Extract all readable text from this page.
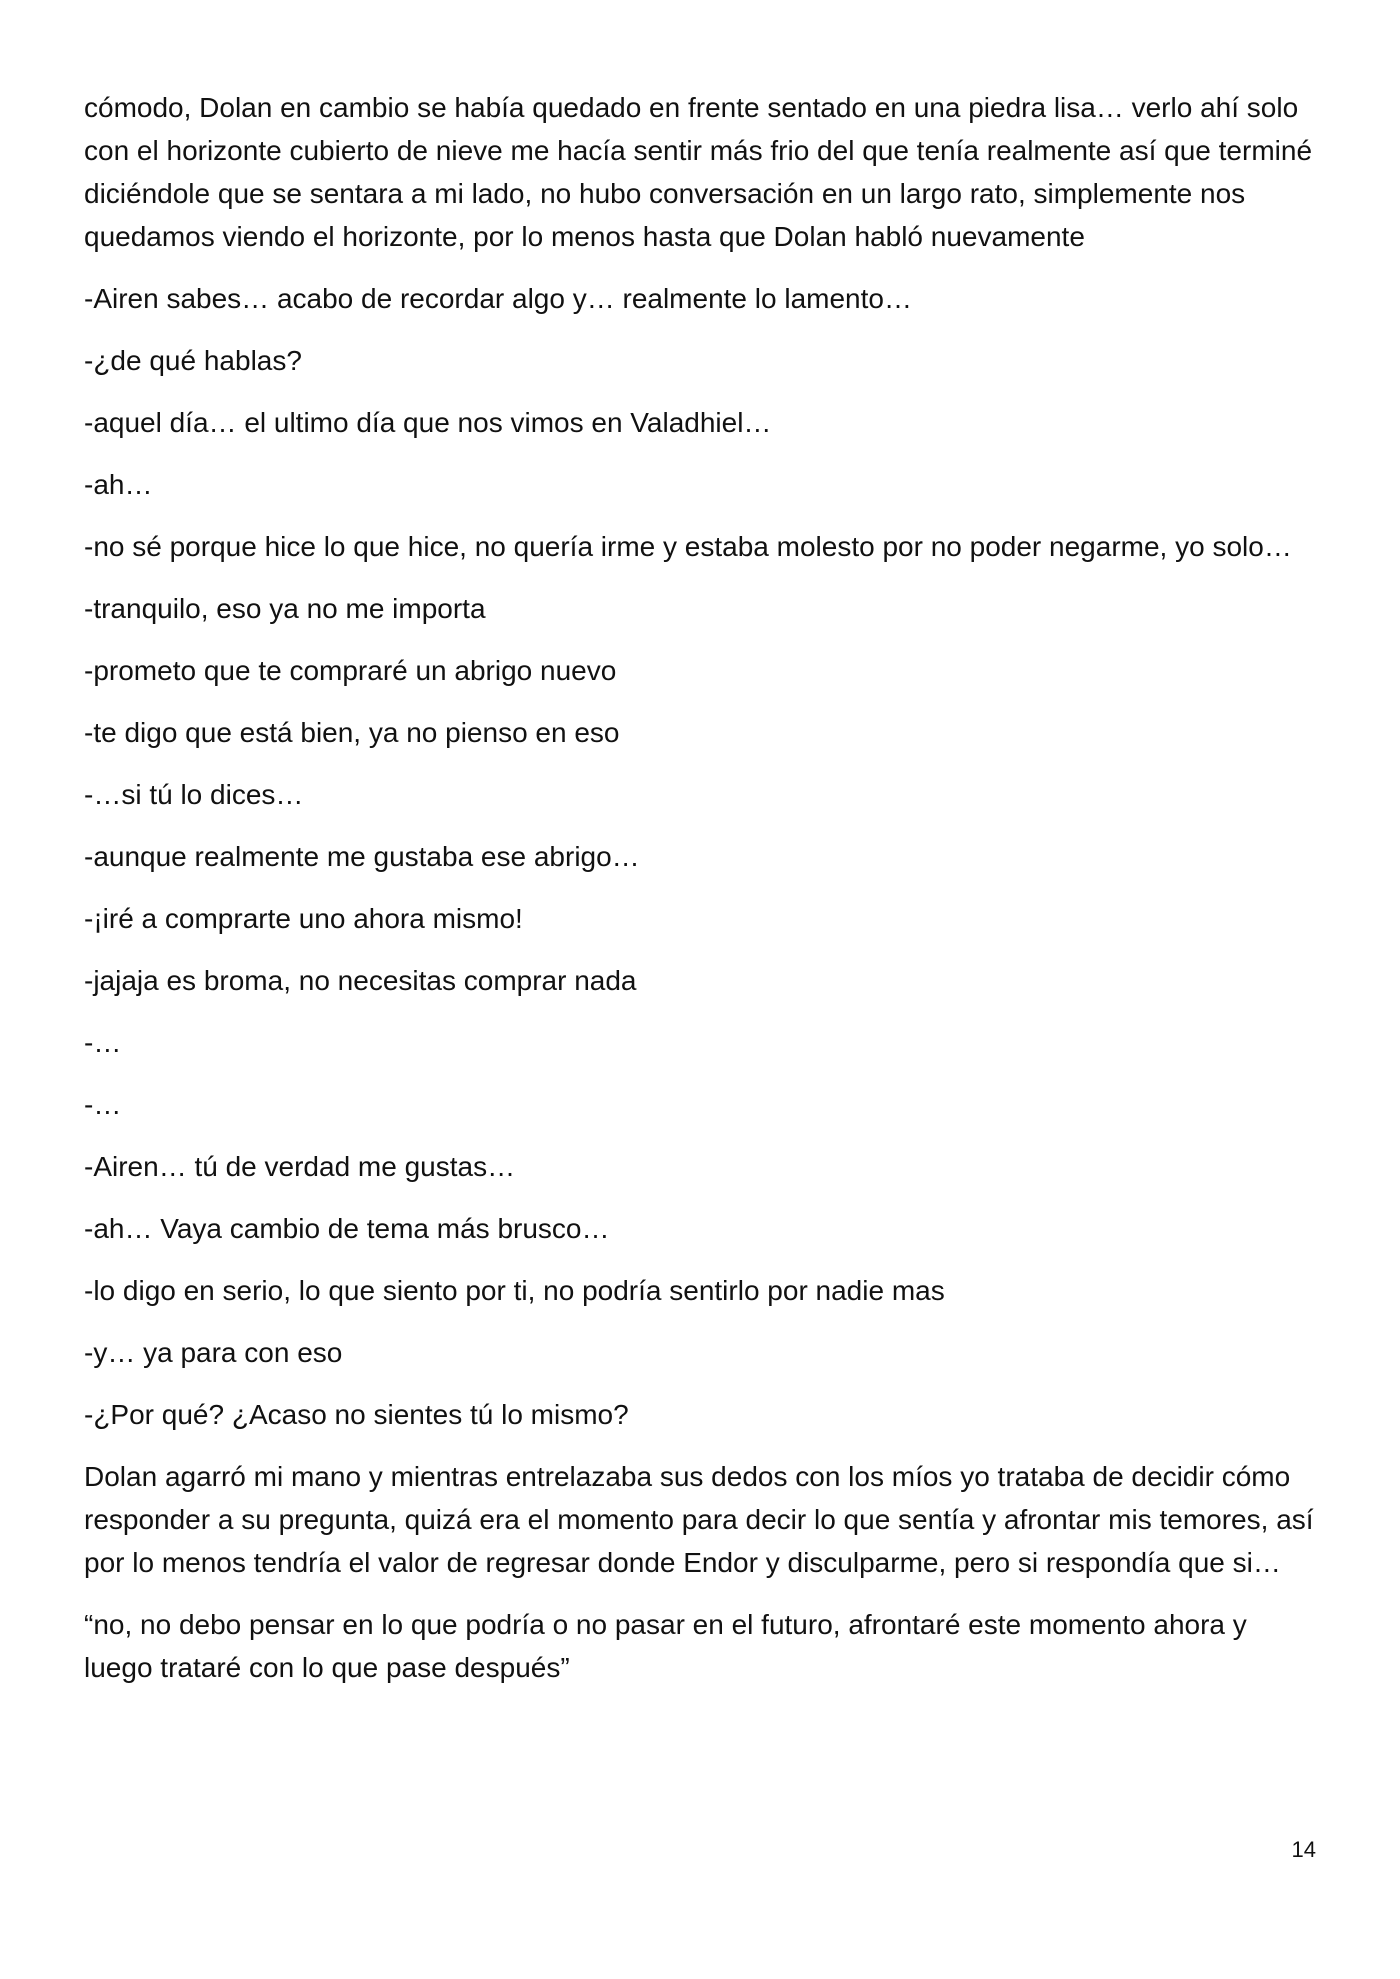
cómodo, Dolan en cambio se había quedado en frente sentado en una piedra lisa… verlo ahí solo con el horizonte cubierto de nieve me hacía sentir más frio del que tenía realmente así que terminé diciéndole que se sentara a mi lado, no hubo conversación en un largo rato, simplemente nos quedamos viendo el horizonte, por lo menos hasta que Dolan habló nuevamente

-Airen sabes… acabo de recordar algo y… realmente lo lamento…

-¿de qué hablas?

-aquel día… el ultimo día que nos vimos en Valadhiel…

-ah…

-no sé porque hice lo que hice, no quería irme y estaba molesto por no poder negarme, yo solo…

-tranquilo, eso ya no me importa

-prometo que te compraré un abrigo nuevo

-te digo que está bien, ya no pienso en eso

-…si tú lo dices…

-aunque realmente me gustaba ese abrigo…

-¡iré a comprarte uno ahora mismo!

-jajaja es broma, no necesitas comprar nada

-…

-…

-Airen… tú de verdad me gustas…

-ah… Vaya cambio de tema más brusco…

-lo digo en serio, lo que siento por ti, no podría sentirlo por nadie mas

-y… ya para con eso

-¿Por qué? ¿Acaso no sientes tú lo mismo?

Dolan agarró mi mano y mientras entrelazaba sus dedos con los míos yo trataba de decidir cómo responder a su pregunta, quizá era el momento para decir lo que sentía y afrontar mis temores, así por lo menos tendría el valor de regresar donde Endor y disculparme, pero si respondía que si…

“no, no debo pensar en lo que podría o no pasar en el futuro, afrontaré este momento ahora y luego trataré con lo que pase después”

14
